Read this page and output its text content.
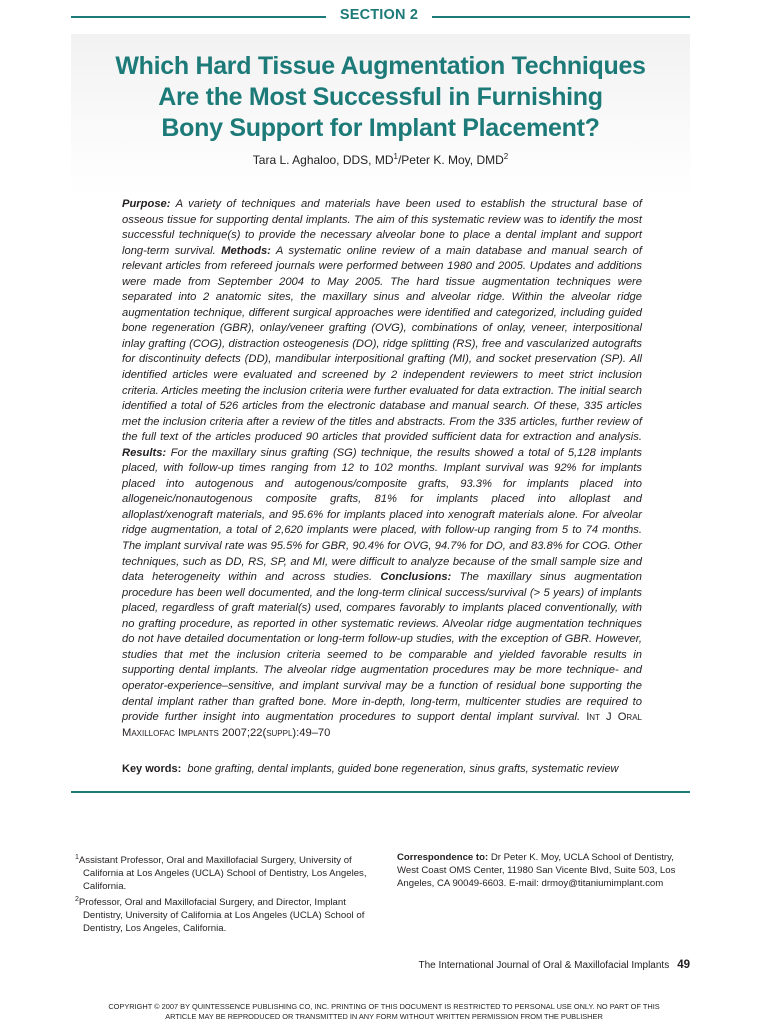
SECTION 2
Which Hard Tissue Augmentation Techniques
Are the Most Successful in Furnishing
Bony Support for Implant Placement?
Tara L. Aghaloo, DDS, $MD^1$/Peter K. Moy, DMD$^2$
Purpose: A variety of techniques and materials have been used to establish the structural base of osseous tissue for supporting dental implants. The aim of this systematic review was to identify the most successful technique(s) to provide the necessary alveolar bone to place a dental implant and support long-term survival. Methods: A systematic online review of a main database and manual search of relevant articles from refereed journals were performed between 1980 and 2005. Updates and additions were made from September 2004 to May 2005. The hard tissue augmentation techniques were separated into 2 anatomic sites, the maxillary sinus and alveolar ridge. Within the alveolar ridge augmentation technique, different surgical approaches were identified and categorized, including guided bone regeneration (GBR), onlay/veneer grafting (OVG), combinations of onlay, veneer, interpositional inlay grafting (COG), distraction osteogenesis (DO), ridge splitting (RS), free and vascularized autografts for discontinuity defects (DD), mandibular interpositional grafting (MI), and socket preservation (SP). All identified articles were evaluated and screened by 2 independent reviewers to meet strict inclusion criteria. Articles meeting the inclusion criteria were further evaluated for data extraction. The initial search identified a total of 526 articles from the electronic database and manual search. Of these, 335 articles met the inclusion criteria after a review of the titles and abstracts. From the 335 articles, further review of the full text of the articles produced 90 articles that provided sufficient data for extraction and analysis. Results: For the maxillary sinus grafting (SG) technique, the results showed a total of 5,128 implants placed, with follow-up times ranging from 12 to 102 months. Implant survival was 92% for implants placed into autogenous and autogenous/composite grafts, 93.3% for implants placed into allogeneic/nonautogenous composite grafts, 81% for implants placed into alloplast and alloplast/xenograft materials, and 95.6% for implants placed into xenograft materials alone. For alveolar ridge augmentation, a total of 2,620 implants were placed, with follow-up ranging from 5 to 74 months. The implant survival rate was 95.5% for GBR, 90.4% for OVG, 94.7% for DO, and 83.8% for COG. Other techniques, such as DD, RS, SP, and MI, were difficult to analyze because of the small sample size and data heterogeneity within and across studies. Conclusions: The maxillary sinus augmentation procedure has been well documented, and the long-term clinical success/survival (> 5 years) of implants placed, regardless of graft material(s) used, compares favorably to implants placed conventionally, with no grafting procedure, as reported in other systematic reviews. Alveolar ridge augmentation techniques do not have detailed documentation or long-term follow-up studies, with the exception of GBR. However, studies that met the inclusion criteria seemed to be comparable and yielded favorable results in supporting dental implants. The alveolar ridge augmentation procedures may be more technique- and operator-experience–sensitive, and implant survival may be a function of residual bone supporting the dental implant rather than grafted bone. More in-depth, long-term, multicenter studies are required to provide further insight into augmentation procedures to support dental implant survival. Int J Oral Maxillofac Implants 2007;22(suppl):49–70
Key words: bone grafting, dental implants, guided bone regeneration, sinus grafts, systematic review

$^1$Assistant Professor, Oral and Maxillofacial Surgery, University of California at Los Angeles (UCLA) School of Dentistry, Los Angeles, California.

$^2$Professor, Oral and Maxillofacial Surgery, and Director, Implant Dentistry, University of California at Los Angeles (UCLA) School of Dentistry, Los Angeles, California.

Correspondence to: Dr Peter K. Moy, UCLA School of Dentistry, West Coast OMS Center, 11980 San Vicente Blvd, Suite 503, Los Angeles, CA 90049-6603. E-mail: drmoy@titaniumimplant.com
The International Journal of Oral & Maxillofacial Implants 49
COPYRIGHT © 2007 BY QUINTESSENCE PUBLISHING CO, INC. PRINTING OF THIS DOCUMENT IS RESTRICTED TO PERSONAL USE ONLY. NO PART OF THIS
ARTICLE MAY BE REPRODUCED OR TRANSMITTED IN ANY FORM WITHOUT WRITTEN PERMISSION FROM THE PUBLISHER
